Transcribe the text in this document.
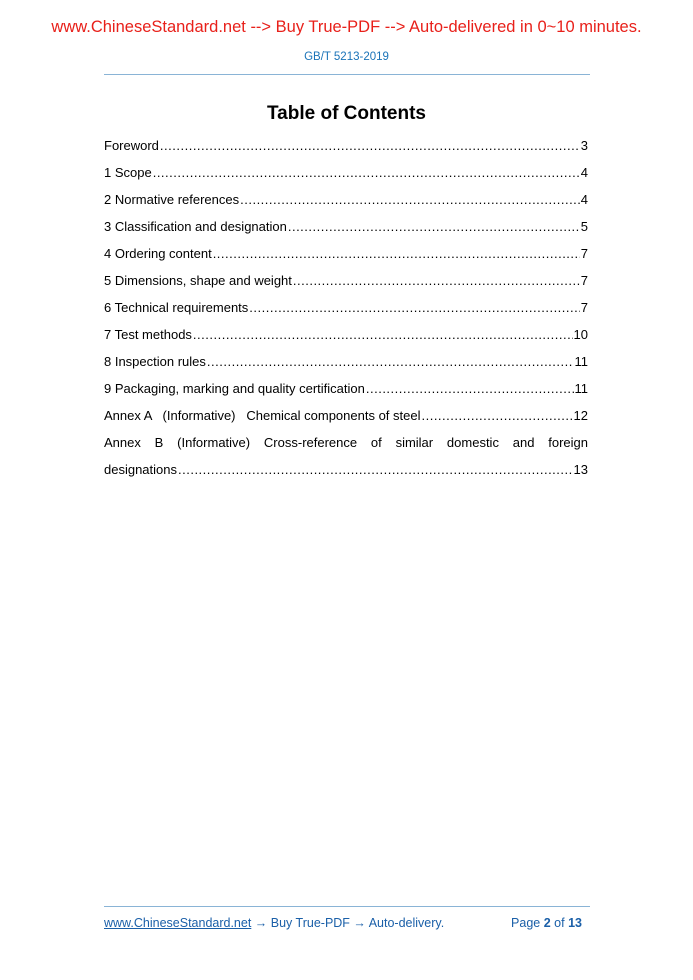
www.ChineseStandard.net --> Buy True-PDF --> Auto-delivered in 0~10 minutes.
GB/T 5213-2019
Table of Contents
Foreword .....	3
1 Scope .....	4
2 Normative references .....	4
3 Classification and designation .....	5
4 Ordering content .....	7
5 Dimensions, shape and weight .....	7
6 Technical requirements .....	7
7 Test methods .....	10
8 Inspection rules .....	11
9 Packaging, marking and quality certification .....	11
Annex A   (Informative)   Chemical components of steel .....	12
Annex B (Informative) Cross-reference of similar domestic and foreign
designations .....	13
www.ChineseStandard.net → Buy True-PDF → Auto-delivery.	Page 2 of 13
